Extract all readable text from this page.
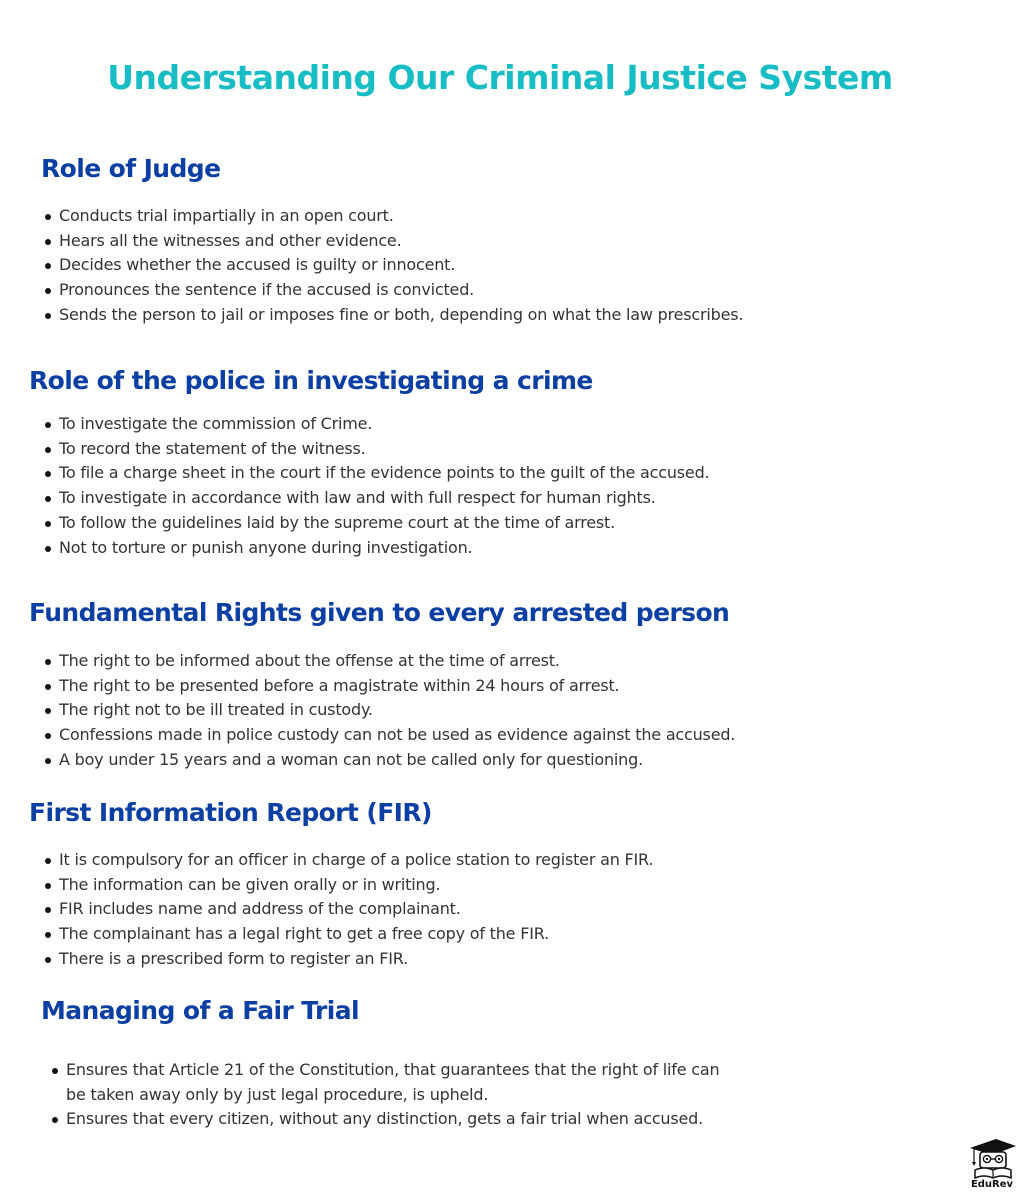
Understanding Our Criminal Justice System
Role of Judge
Conducts trial impartially in an open court.
Hears all the witnesses and other evidence.
Decides whether the accused is guilty or innocent.
Pronounces the sentence if the accused is convicted.
Sends the person to jail or imposes fine or both, depending on what the law prescribes.
Role of the police in investigating a crime
To investigate the commission of Crime.
To record the statement of the witness.
To file a charge sheet in the court if the evidence points to the guilt of the accused.
To investigate in accordance with law and with full respect for human rights.
To follow the guidelines laid by the supreme court at the time of arrest.
Not to torture or punish anyone during investigation.
Fundamental Rights given to every arrested person
The right to be informed about the offense at the time of arrest.
The right to be presented before a magistrate within 24 hours of arrest.
The right not to be ill treated in custody.
Confessions made in police custody can not be used as evidence against the accused.
A boy under 15 years and a woman can not be called only for questioning.
First Information Report (FIR)
It is compulsory for an officer in charge of a police station to register an FIR.
The information can be given orally or in writing.
FIR includes name and address of the complainant.
The complainant has a legal right to get a free copy of the FIR.
There is a prescribed form to register an FIR.
Managing of a Fair Trial
Ensures that Article 21 of the Constitution, that guarantees that the right of life can be taken away only by just legal procedure, is upheld.
Ensures that every citizen, without any distinction, gets a fair trial when accused.
EduRev
